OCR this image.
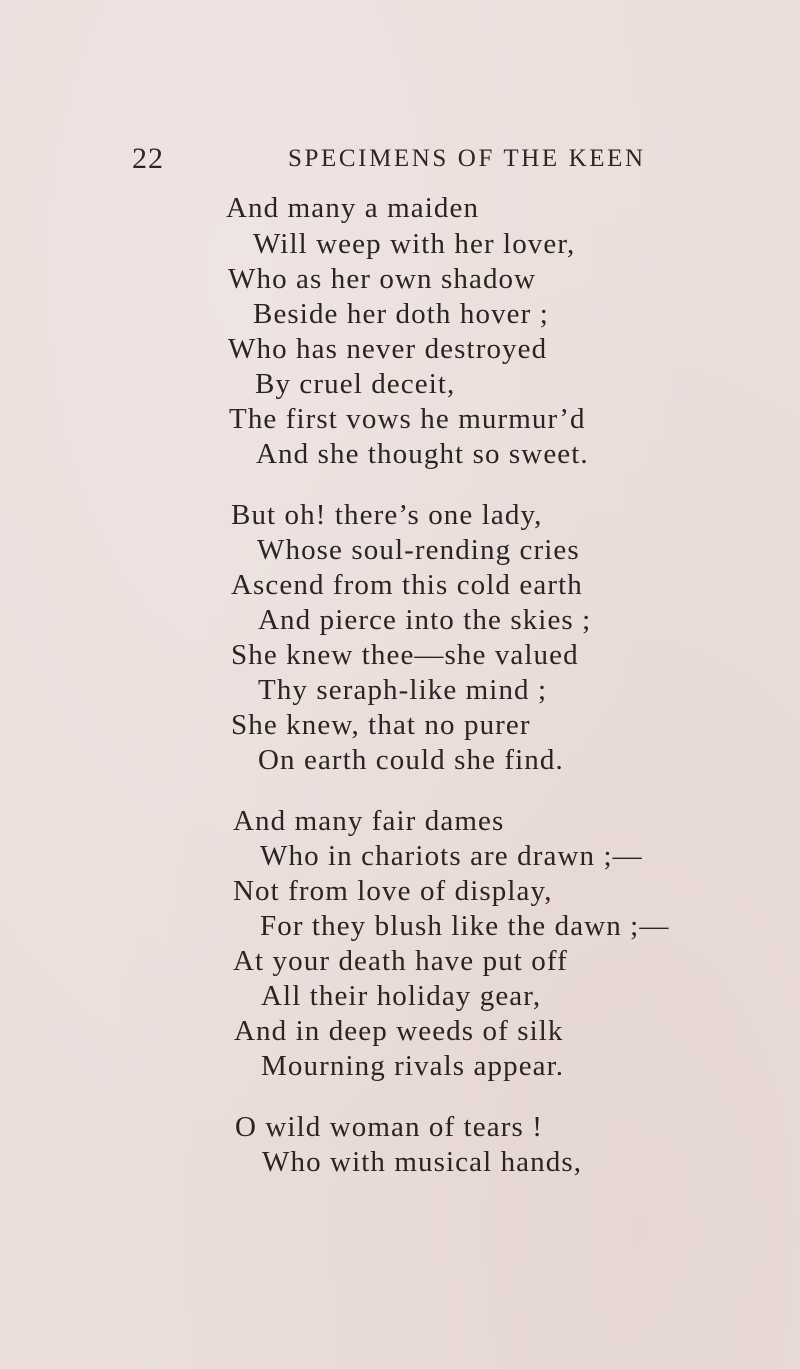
22	SPECIMENS OF THE KEEN
And many a maiden
Will weep with her lover,
Who as her own shadow
Beside her doth hover ;
Who has never destroyed
By cruel deceit,
The first vows he murmur’d
And she thought so sweet.
But oh! there’s one lady,
Whose soul-rending cries
Ascend from this cold earth
And pierce into the skies ;
She knew thee—she valued
Thy seraph-like mind ;
She knew, that no purer
On earth could she find.
And many fair dames
Who in chariots are drawn ;—
Not from love of display,
For they blush like the dawn ;—
At your death have put off
All their holiday gear,
And in deep weeds of silk
Mourning rivals appear.
O wild woman of tears !
Who with musical hands,
